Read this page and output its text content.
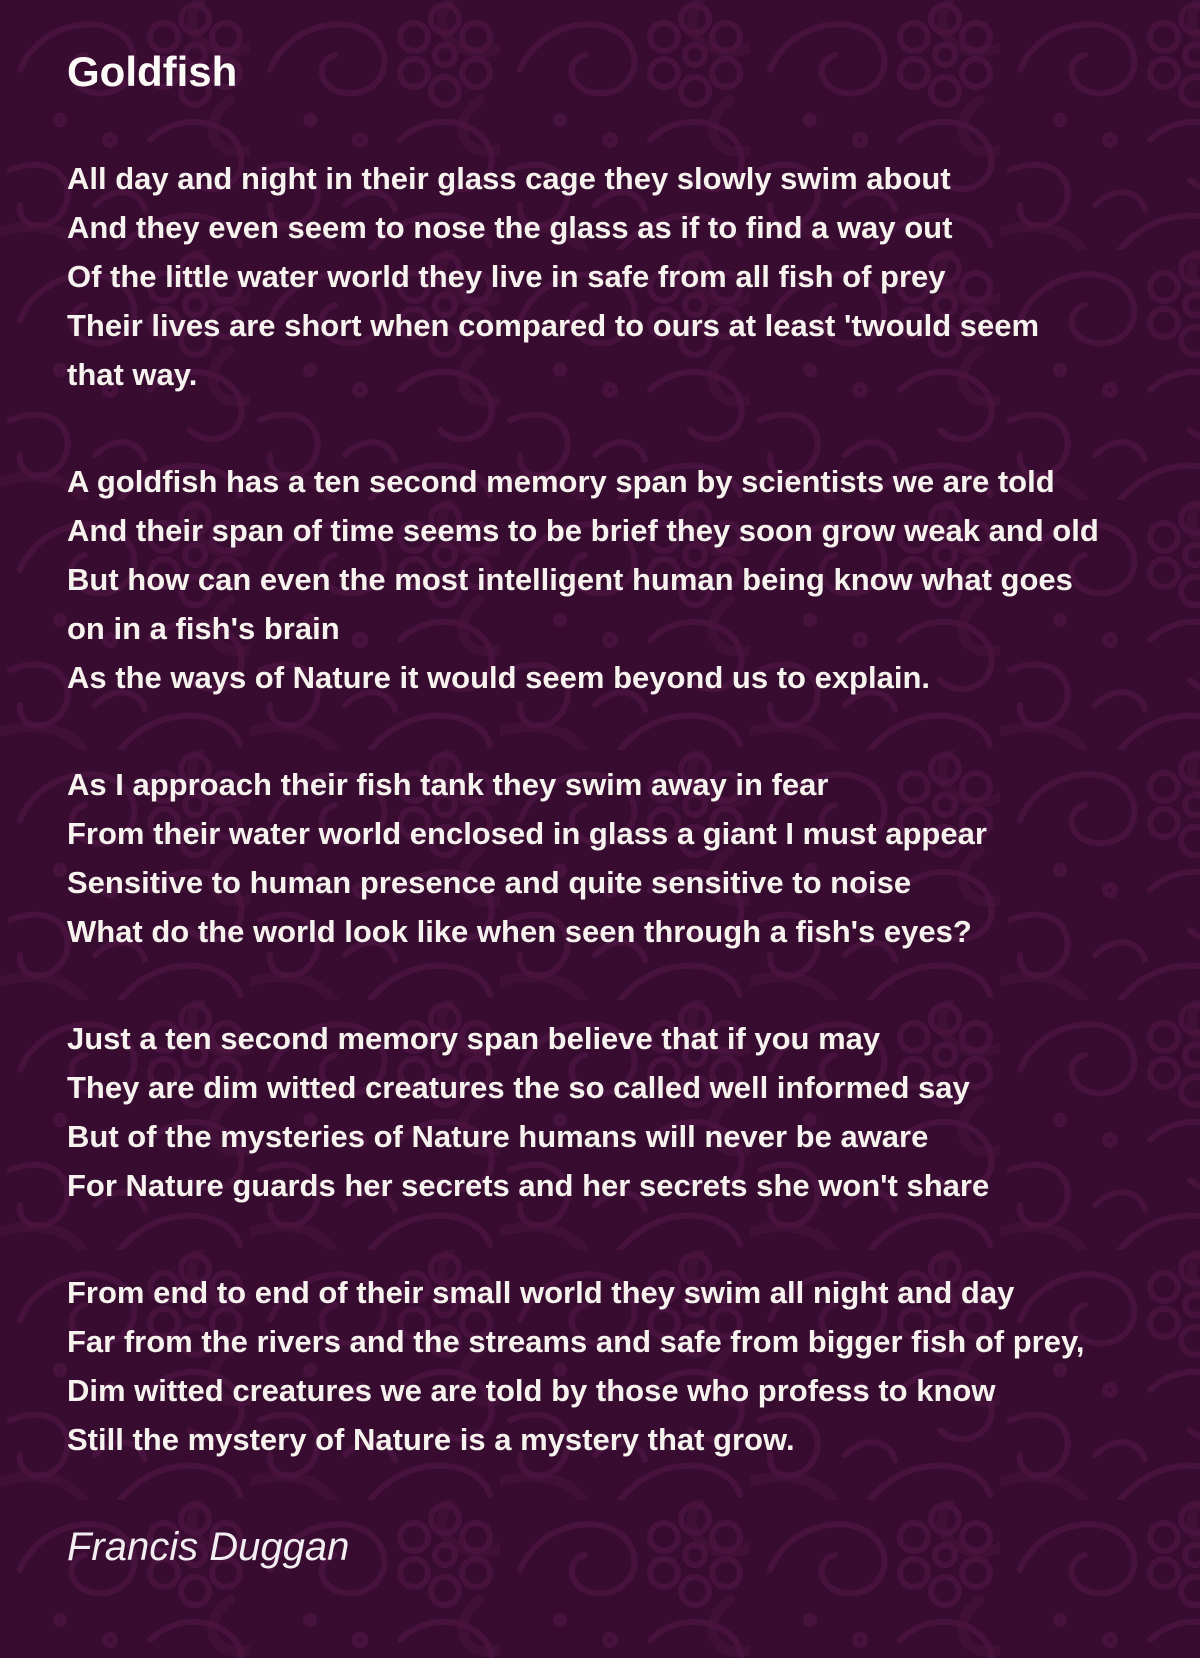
Goldfish
All day and night in their glass cage they slowly swim about
And they even seem to nose the glass as if to find a way out
Of the little water world they live in safe from all fish of prey
Their lives are short when compared to ours at least 'twould seem
that way.
A goldfish has a ten second memory span by scientists we are told
And their span of time seems to be brief they soon grow weak and old
But how can even the most intelligent human being know what goes
on in a fish's brain
As the ways of Nature it would seem beyond us to explain.
As I approach their fish tank they swim away in fear
From their water world enclosed in glass a giant I must appear
Sensitive to human presence and quite sensitive to noise
What do the world look like when seen through a fish's eyes?
Just a ten second memory span believe that if you may
They are dim witted creatures the so called well informed say
But of the mysteries of Nature humans will never be aware
For Nature guards her secrets and her secrets she won't share
From end to end of their small world they swim all night and day
Far from the rivers and the streams and safe from bigger fish of prey,
Dim witted creatures we are told by those who profess to know
Still the mystery of Nature is a mystery that grow.
Francis Duggan
